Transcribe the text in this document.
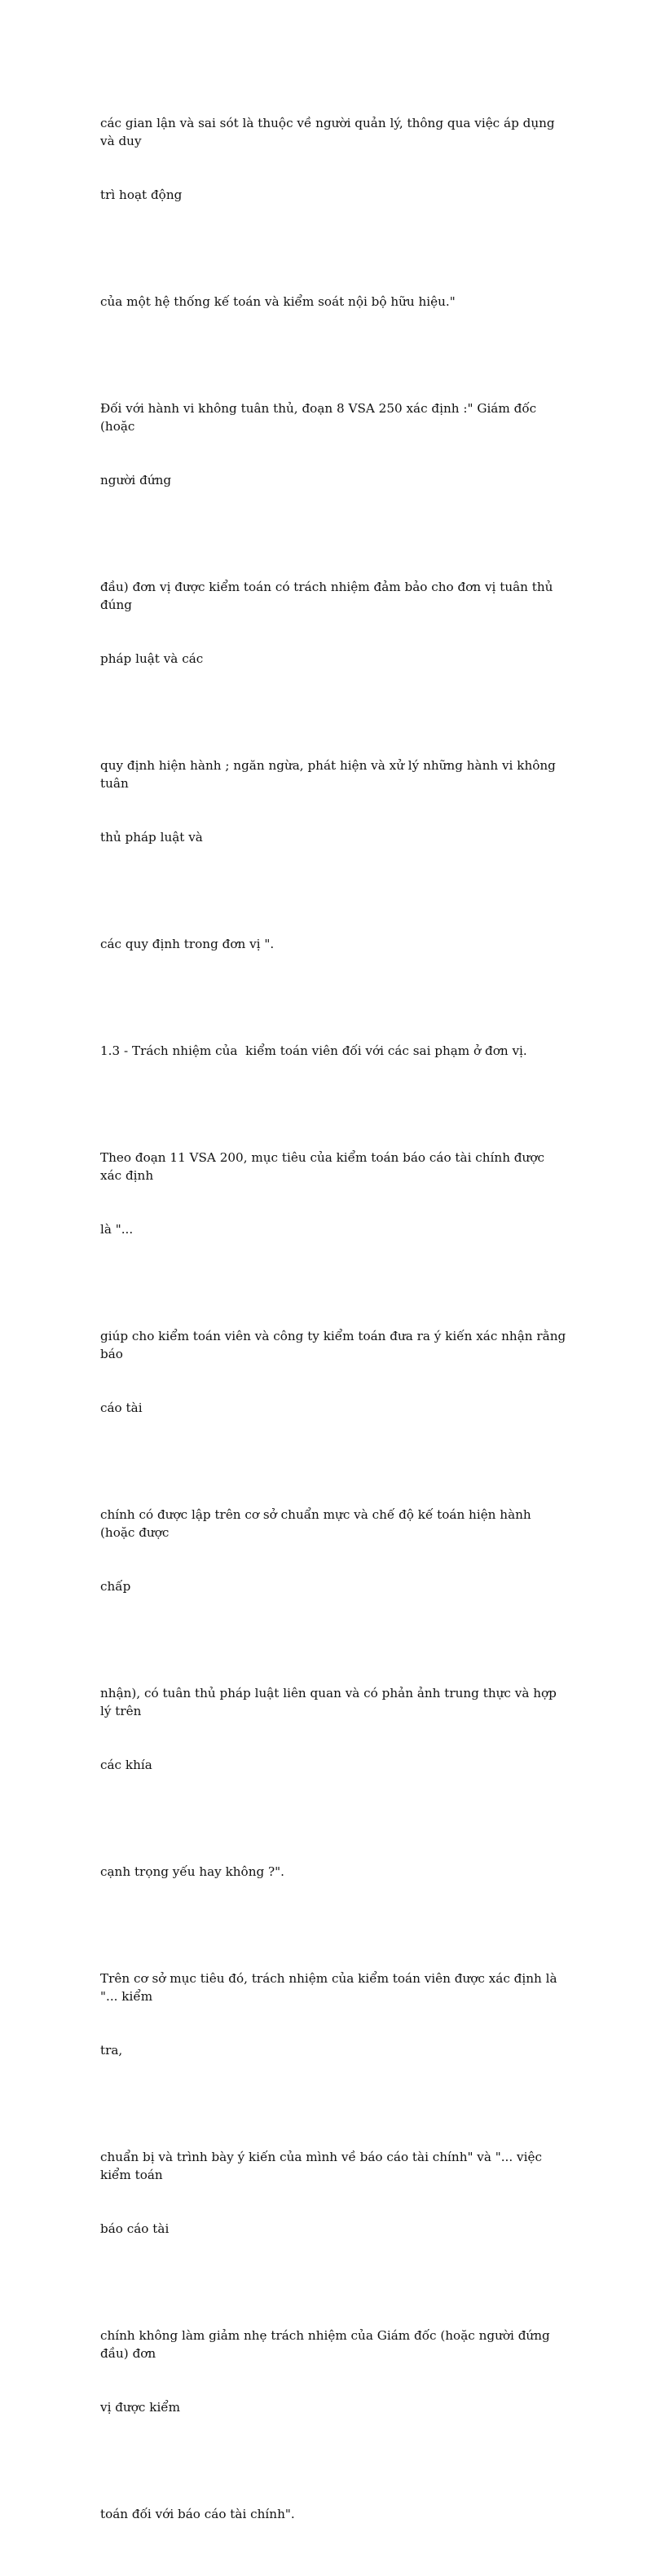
các gian lận và sai sót là thuộc về người quản lý, thông qua việc áp dụng và duy

trì hoạt động

của một hệ thống kế toán và kiểm soát nội bộ hữu hiệu."

Đối với hành vi không tuân thủ, đoạn 8 VSA 250 xác định :" Giám đốc (hoặc

người đứng

đầu) đơn vị được kiểm toán có trách nhiệm đảm bảo cho đơn vị tuân thủ đúng

pháp luật và các

quy định hiện hành ; ngăn ngừa, phát hiện và xử lý những hành vi không tuân

thủ pháp luật và

các quy định trong đơn vị ".

1.3 - Trách nhiệm của  kiểm toán viên đối với các sai phạm ở đơn vị.

Theo đoạn 11 VSA 200, mục tiêu của kiểm toán báo cáo tài chính được xác định

là "...

giúp cho kiểm toán viên và công ty kiểm toán đưa ra ý kiến xác nhận rằng báo

cáo tài

chính có được lập trên cơ sở chuẩn mực và chế độ kế toán hiện hành (hoặc được

chấp

nhận), có tuân thủ pháp luật liên quan và có phản ảnh trung thực và hợp lý trên

các khía

cạnh trọng yếu hay không ?".

Trên cơ sở mục tiêu đó, trách nhiệm của kiểm toán viên được xác định là "... kiểm

tra,

chuẩn bị và trình bày ý kiến của mình về báo cáo tài chính" và "... việc kiểm toán

báo cáo tài

chính không làm giảm nhẹ trách nhiệm của Giám đốc (hoặc người đứng đầu) đơn

vị được kiểm

toán đối với báo cáo tài chính".
